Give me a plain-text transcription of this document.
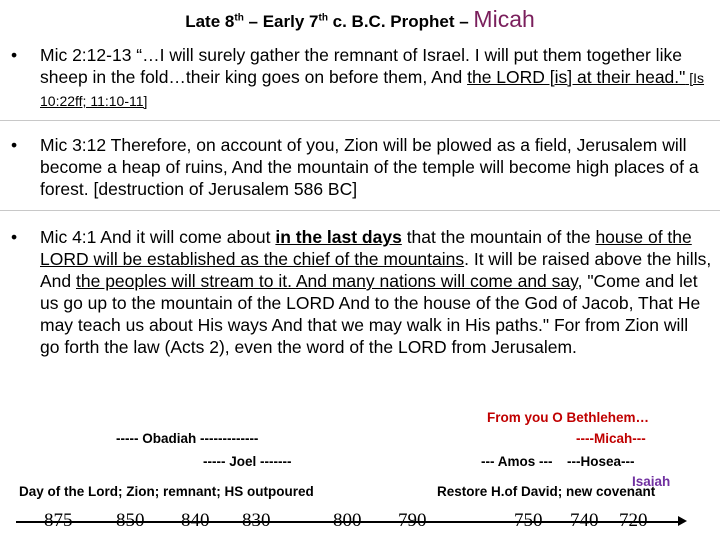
Late 8th – Early 7th c. B.C. Prophet – Micah
• Mic 2:12-13 “…I will surely gather the remnant of Israel. I will put them together like sheep in the fold…their king goes on before them, And the LORD [is] at their head." [Is 10:22ff; 11:10-11]
• Mic 3:12 Therefore, on account of you, Zion will be plowed as a field, Jerusalem will become a heap of ruins, And the mountain of the temple will become high places of a forest. [destruction of Jerusalem 586 BC]
• Mic 4:1 And it will come about in the last days that the mountain of the house of the LORD will be established as the chief of the mountains. It will be raised above the hills, And the peoples will stream to it. And many nations will come and say, "Come and let us go up to the mountain of the LORD And to the house of the God of Jacob, That He may teach us about His ways And that we may walk in His paths." For from Zion will go forth the law (Acts 2), even the word of the LORD from Jerusalem.
From you O Bethlehem…
----Micah---
----- Obadiah -------------
----- Joel -------	--- Amos --- ---Hosea---
Isaiah
Day of the Lord; Zion; remnant; HS outpoured	Restore H.of David; new covenant
875 850 840 830	800 790	750 740 720
